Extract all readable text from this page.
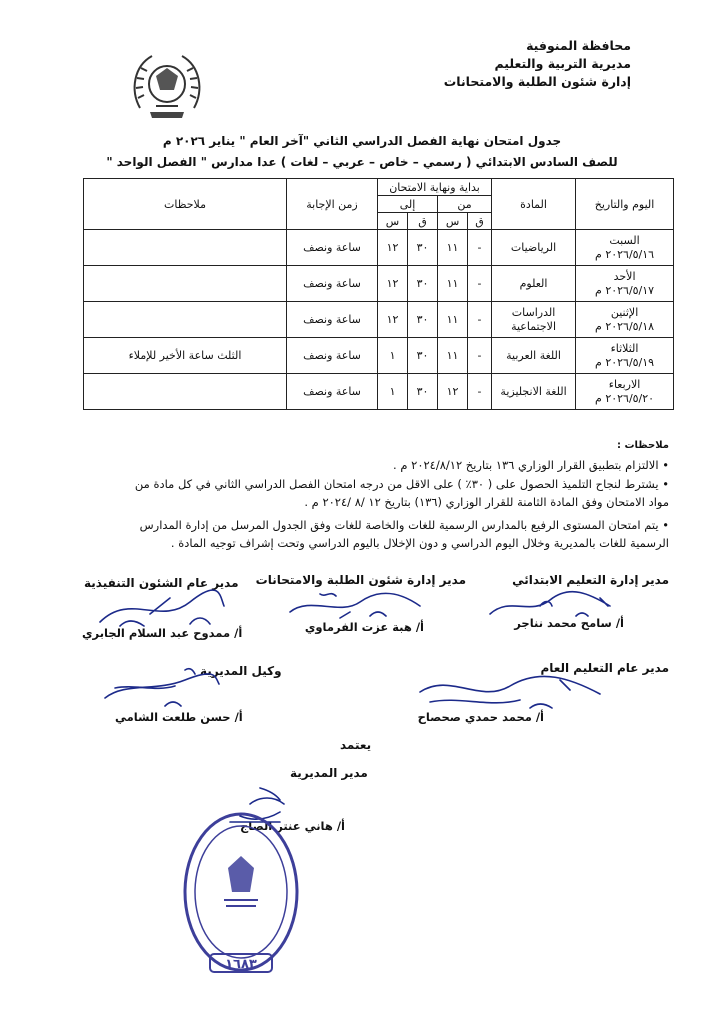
محافظة المنوفية
مديرية التربية والتعليم
إدارة شئون الطلبة والامتحانات
جدول امتحان نهاية الفصل الدراسي الثاني "آخر العام " يناير ٢٠٢٦ م
للصف السادس الابتدائي ( رسمي – خاص – عربي – لغات ) عدا مدارس " الفصل الواحد "
اليوم والتاريخ	المادة	بداية ونهاية الامتحان				زمن الإجابة	ملاحظات
		من		إلى			
		ق	س	ق	س		

السبت
٢٠٢٦/٥/١٦ م	الرياضيات	-	١١	٣٠	١٢	ساعة ونصف	

الأحد
٢٠٢٦/٥/١٧ م	العلوم	-	١١	٣٠	١٢	ساعة ونصف	

الإثنين
٢٠٢٦/٥/١٨ م	الدراسات الاجتماعية	-	١١	٣٠	١٢	ساعة ونصف	

الثلاثاء
٢٠٢٦/٥/١٩ م	اللغة العربية	-	١١	٣٠	١	ساعة ونصف	الثلث ساعة الأخير للإملاء

الاربعاء
٢٠٢٦/٥/٢٠ م	اللغة الانجليزية	-	١٢	٣٠	١	ساعة ونصف	
ملاحظات :
• الالتزام بتطبيق القرار الوزاري ١٣٦ بتاريخ ٢٠٢٤/٨/١٢ م .
• يشترط لنجاح التلميذ الحصول على ( ٣٠٪ ) على الاقل من درجه امتحان الفصل الدراسي الثاني في كل مادة من
مواد الامتحان وفق المادة الثامنة للقرار الوزاري (١٣٦) بتاريخ ١٢ /٨ /٢٠٢٤ م .
• يتم امتحان المستوى الرفيع بالمدارس الرسمية للغات والخاصة للغات وفق الجدول المرسل من إدارة المدارس
الرسمية للغات بالمديرية وخلال اليوم الدراسي و دون الإخلال باليوم الدراسي وتحت إشراف توجيه المادة .
مدير إدارة التعليم الابتدائي
أ/ سامح محمد نناجر
مدير إدارة شئون الطلبة والامتحانات
أ/ هبة عزت الفرماوي
مدير عام الشئون التنفيذية
أ/ ممدوح عبد السلام الجابري
مدير عام التعليم العام
أ/ محمد حمدي صحصاح
وكيل المديرية
أ/ حسن طلعت الشامي
يعتمد
مدير المديرية
أ/ هاني عنتر الصاج
١٦٨٣
